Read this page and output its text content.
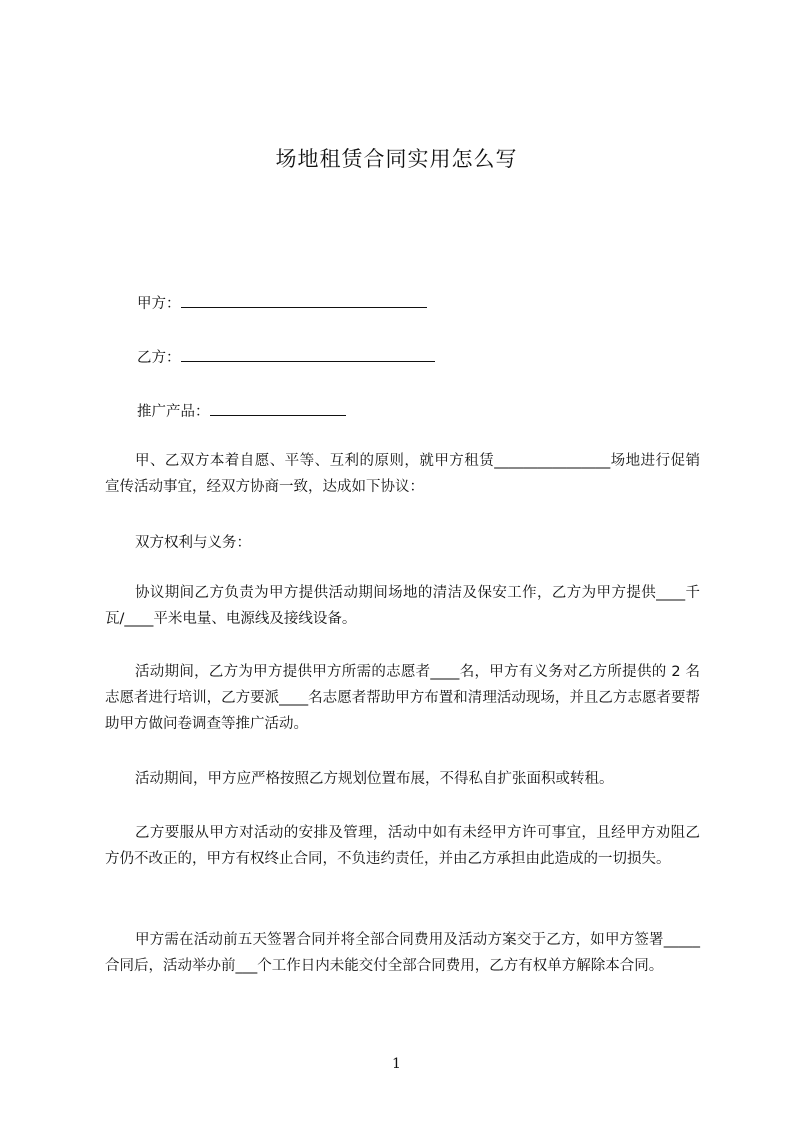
场地租赁合同实用怎么写
甲方：
乙方：
推广产品：
甲、乙双方本着自愿、平等、互利的原则，就甲方租赁________________场地进行促销宣传活动事宜，经双方协商一致，达成如下协议：
双方权利与义务：
协议期间乙方负责为甲方提供活动期间场地的清洁及保安工作，乙方为甲方提供____千瓦/____平米电量、电源线及接线设备。
活动期间，乙方为甲方提供甲方所需的志愿者____名，甲方有义务对乙方所提供的 2 名志愿者进行培训，乙方要派____名志愿者帮助甲方布置和清理活动现场，并且乙方志愿者要帮助甲方做问卷调查等推广活动。
活动期间，甲方应严格按照乙方规划位置布展，不得私自扩张面积或转租。
乙方要服从甲方对活动的安排及管理，活动中如有未经甲方许可事宜，且经甲方劝阻乙方仍不改正的，甲方有权终止合同，不负违约责任，并由乙方承担由此造成的一切损失。
甲方需在活动前五天签署合同并将全部合同费用及活动方案交于乙方，如甲方签署_____合同后，活动举办前___个工作日内未能交付全部合同费用，乙方有权单方解除本合同。
1
